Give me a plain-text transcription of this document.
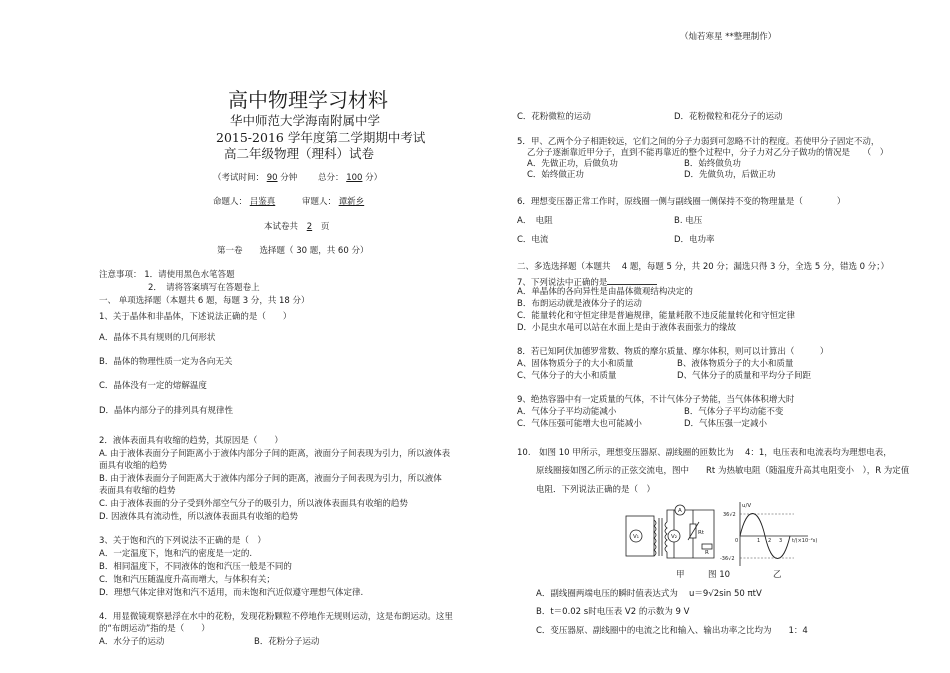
（灿若寒星 **整理制作）
高中物理学习材料
华中师范大学海南附属中学
2015-2016 学年度第二学期期中考试
高二年级物理（理科）试卷
（考试时间： 90 分钟 总分： 100 分）
命题人： 吕鉴真	审题人： 谭新乡
本试卷共 2 页
第一卷　　选择题（ 30 题，共 60 分）
注意事项： 1．请使用黑色水笔答题
2．　请将答案填写在答题卷上
一、 单项选择题（本题共 6 题，每题 3 分，共 18 分）
1、关于晶体和非晶体，下述说法正确的是（　　）
A．晶体不具有规则的几何形状
B．晶体的物理性质一定为各向无关
C．晶体没有一定的熔解温度
D．晶体内部分子的排列具有规律性
2．液体表面具有收缩的趋势，其原因是（　　）
A. 由于液体表面分子间距离小于液体内部分子间的距离，液面分子间表现为引力，所以液体表
面具有收缩的趋势
B. 由于液体表面分子间距离大于液体内部分子间的距离，液面分子间表现为引力，所以液体
表面具有收缩的趋势
C. 由于液体表面的分子受到外部空气分子的吸引力，所以液体表面具有收缩的趋势
D. 因液体具有流动性，所以液体表面具有收缩的趋势
3、关于饱和汽的下列说法不正确的是（　）
A．一定温度下，饱和汽的密度是一定的.
B．相同温度下，不同液体的饱和汽压一般是不同的
C．饱和汽压随温度升高而增大，与体积有关；
D．理想气体定律对饱和汽不适用，而未饱和汽近似遵守理想气体定律.
4．用显微镜观察悬浮在水中的花粉，发现花粉颗粒不停地作无规则运动，这是布朗运动。这里
的“布朗运动”指的是（　　）
A．水分子的运动	B．花粉分子运动
C．花粉微粒的运动	D．花粉微粒和花分子的运动
5．甲、乙两个分子相距较远，它们之间的分子力弱到可忽略不计的程度。若使甲分子固定不动，
乙分子逐渐靠近甲分子，直到不能再靠近的整个过程中，分子力对乙分子做功的情况是　　（　）
A．先做正功，后做负功	B．始终做负功
C．始终做正功	D．先做负功，后做正功
6．理想变压器正常工作时，原线圈一侧与副线圈一侧保持不变的物理量是（　　　　）
A．　电阻	B. 电压
C．电流	D．电功率
二、多选选择题（本题共　 4 题，每题 5 分，共 20 分；漏选只得 3 分，全选 5 分，错选 0 分；）
7、下列说法中正确的是
A．单晶体的各向异性是由晶体微观结构决定的
B．布朗运动就是液体分子的运动
C．能量转化和守恒定律是普遍规律，能量耗散不违反能量转化和守恒定律
D．小昆虫水黾可以站在水面上是由于液体表面张力的缘故
8．若已知阿伏加德罗常数、物质的摩尔质量、摩尔体积，则可以计算出（　　　）
A、固体物质分子的大小和质量	B、液体物质分子的大小和质量
C、气体分子的大小和质量	D、气体分子的质量和平均分子间距
9、绝热容器中有一定质量的气体，不计气体分子势能，当气体体积增大时
A．气体分子平均动能减小	B．气体分子平均动能不变
C．气体压强可能增大也可能减小	D．气体压强一定减小
10.　如图 10 甲所示，理想变压器原、副线圈的匝数比为　 4：1，电压表和电流表均为理想电表，
原线圈接如图乙所示的正弦交流电，图中　　Rt 为热敏电阻（随温度升高其电阻变小　），R 为定值
电阻．下列说法正确的是（　）
V₁	V₂
A
Rt
R
u/V
36√2
-36√2
0	1 2 3 t/(×10⁻²s)
甲	图 10	乙
A．副线圈两端电压的瞬时值表达式为　 u＝9√2sin 50 πtV
B．t＝0.02 s时电压表 V2 的示数为 9 V
C．变压器原、副线圈中的电流之比和输入、输出功率之比均为　　1：4
